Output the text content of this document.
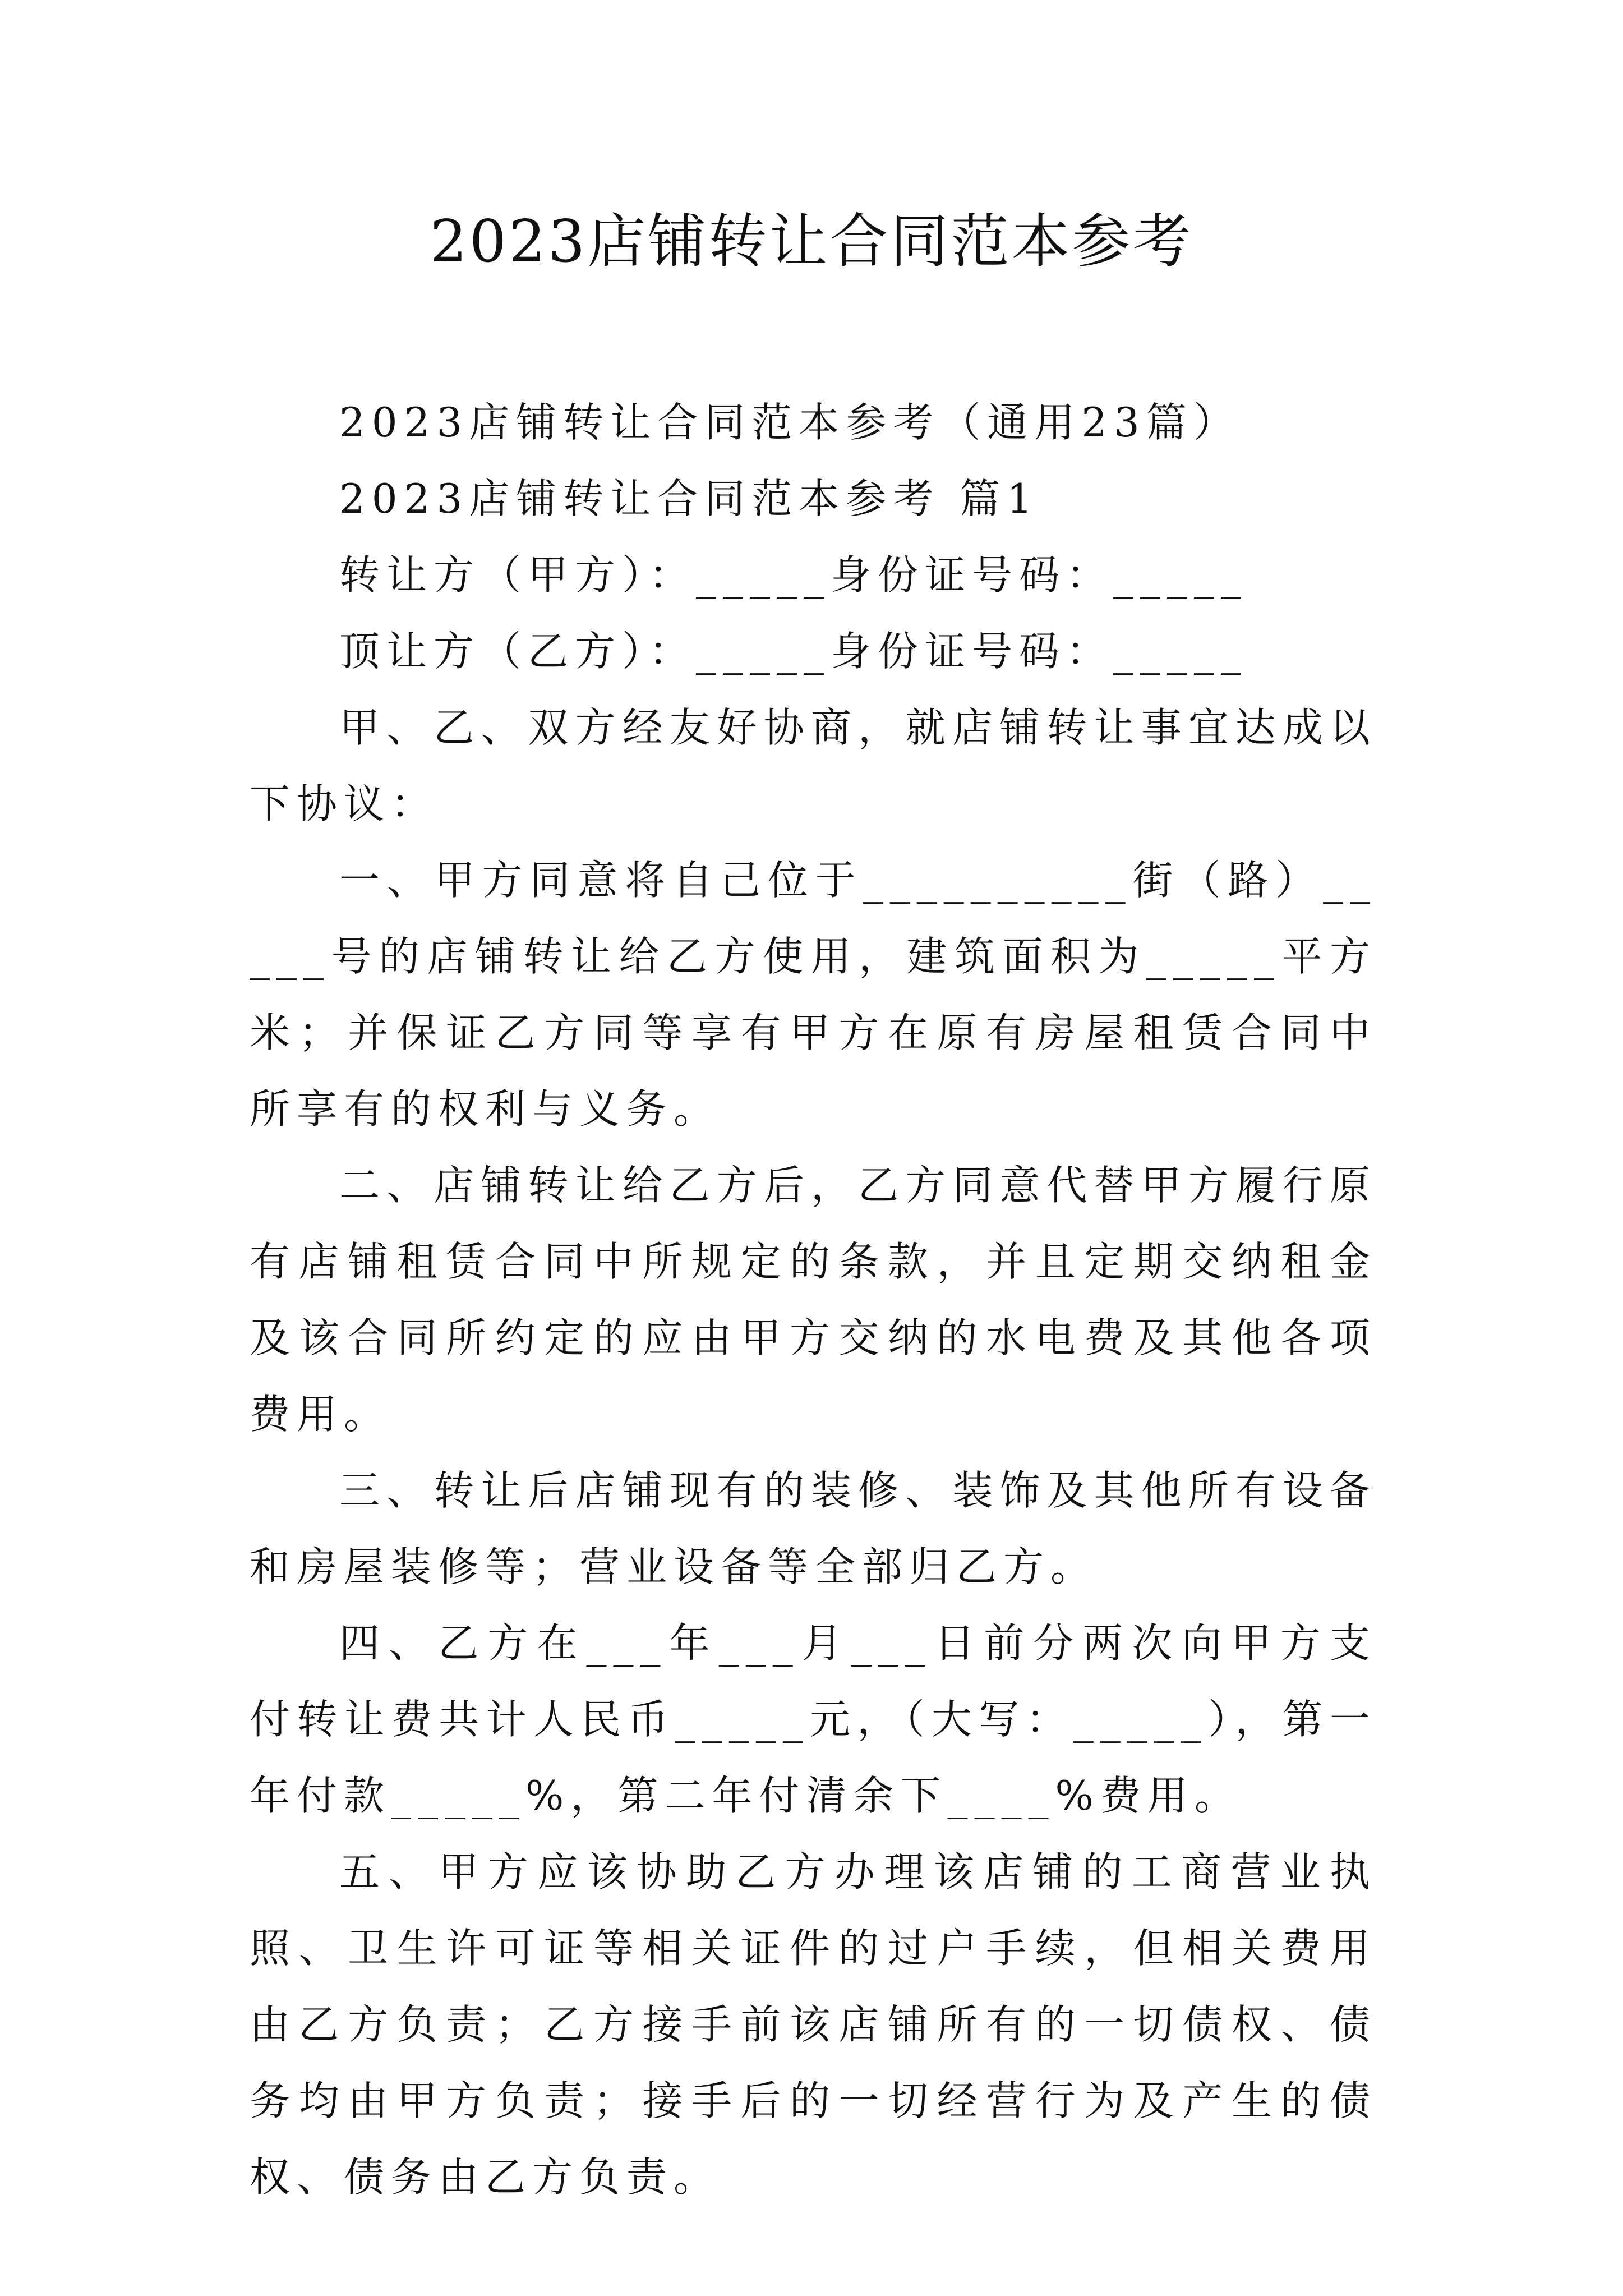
2023店铺转让合同范本参考

2023店铺转让合同范本参考（通用23篇）

2023店铺转让合同范本参考 篇1

转让方（甲方）：_____身份证号码：_____

顶让方（乙方）：_____身份证号码：_____

甲、乙、双方经友好协商，就店铺转让事宜达成以下协议：

一、甲方同意将自己位于__________街（路）_____号的店铺转让给乙方使用，建筑面积为_____平方米；并保证乙方同等享有甲方在原有房屋租赁合同中所享有的权利与义务。

二、店铺转让给乙方后，乙方同意代替甲方履行原有店铺租赁合同中所规定的条款，并且定期交纳租金及该合同所约定的应由甲方交纳的水电费及其他各项费用。

三、转让后店铺现有的装修、装饰及其他所有设备和房屋装修等；营业设备等全部归乙方。

四、乙方在___年___月___日前分两次向甲方支付转让费共计人民币_____元，（大写：_____），第一年付款_____%，第二年付清余下____%费用。

五、甲方应该协助乙方办理该店铺的工商营业执照、卫生许可证等相关证件的过户手续，但相关费用由乙方负责；乙方接手前该店铺所有的一切债权、债务均由甲方负责；接手后的一切经营行为及产生的债权、债务由乙方负责。
